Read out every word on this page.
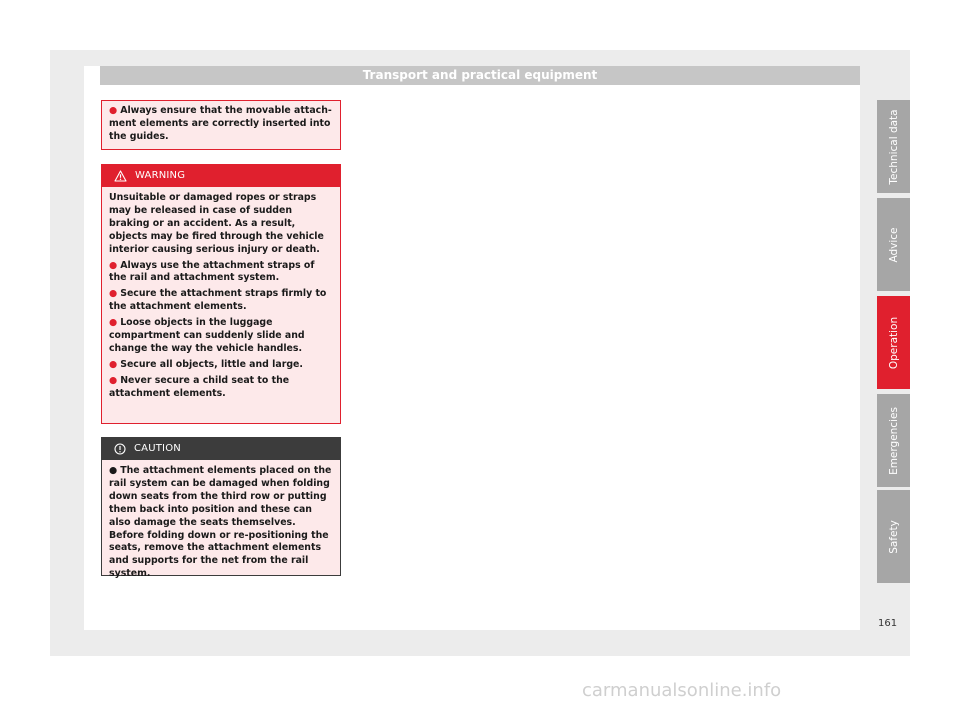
Transport and practical equipment
● Always ensure that the movable attach-ment elements are correctly inserted into the guides.
WARNING
Unsuitable or damaged ropes or straps may be released in case of sudden braking or an accident. As a result, objects may be fired through the vehicle interior causing serious injury or death.
● Always use the attachment straps of the rail and attachment system.
● Secure the attachment straps firmly to the attachment elements.
● Loose objects in the luggage compartment can suddenly slide and change the way the vehicle handles.
● Secure all objects, little and large.
● Never secure a child seat to the attachment elements.
CAUTION
● The attachment elements placed on the rail system can be damaged when folding down seats from the third row or putting them back into position and these can also damage the seats themselves. Before folding down or re-positioning the seats, remove the attachment elements and supports for the net from the rail system.
Technical data
Advice
Operation
Emergencies
Safety
161
carmanualsonline.info
